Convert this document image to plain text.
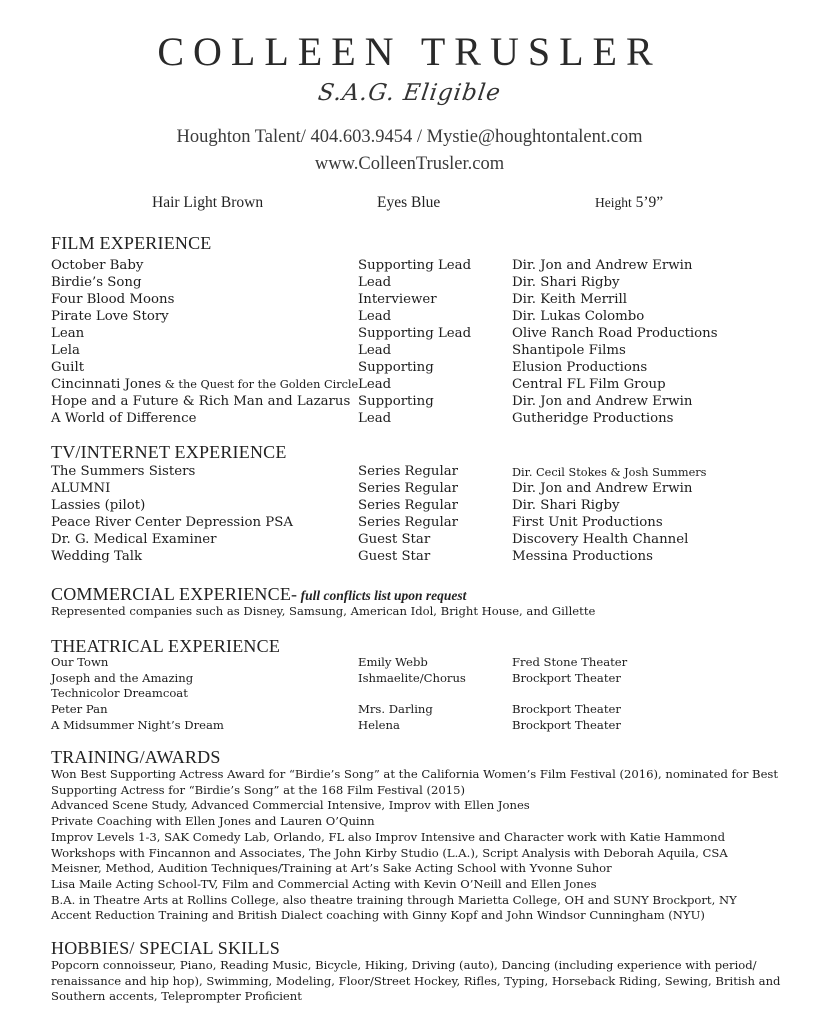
COLLEEN TRUSLER
S.A.G. Eligible
Houghton Talent/ 404.603.9454 / Mystie@houghtontalent.com
www.ColleenTrusler.com
Hair Light Brown	Eyes Blue	Height 5’9”
FILM EXPERIENCE
October Baby	Supporting Lead	Dir. Jon and Andrew Erwin
Birdie’s Song	Lead	Dir. Shari Rigby
Four Blood Moons	Interviewer	Dir. Keith Merrill
Pirate Love Story	Lead	Dir. Lukas Colombo
Lean	Supporting Lead	Olive Ranch Road Productions
Lela	Lead	Shantipole Films
Guilt	Supporting	Elusion Productions
Cincinnati Jones & the Quest for the Golden Circle Lead	Central FL Film Group
Hope and a Future & Rich Man and Lazarus Supporting	Dir. Jon and Andrew Erwin
A World of Difference	Lead	Gutheridge Productions
TV/INTERNET EXPERIENCE
The Summers Sisters	Series Regular	Dir. Cecil Stokes & Josh Summers
ALUMNI	Series Regular	Dir. Jon and Andrew Erwin
Lassies (pilot)	Series Regular	Dir. Shari Rigby
Peace River Center Depression PSA	Series Regular	First Unit Productions
Dr. G. Medical Examiner	Guest Star	Discovery Health Channel
Wedding Talk	Guest Star	Messina Productions
COMMERCIAL EXPERIENCE- full conflicts list upon request
Represented companies such as Disney, Samsung, American Idol, Bright House, and Gillette
THEATRICAL EXPERIENCE
Our Town	Emily Webb	Fred Stone Theater
Joseph and the Amazing	Ishmaelite/Chorus	Brockport Theater
Technicolor Dreamcoat
Peter Pan	Mrs. Darling	Brockport Theater
A Midsummer Night’s Dream	Helena	Brockport Theater
TRAINING/AWARDS
Won Best Supporting Actress Award for “Birdie’s Song” at the California Women’s Film Festival (2016), nominated for Best
Supporting Actress for “Birdie’s Song” at the 168 Film Festival (2015)
Advanced Scene Study, Advanced Commercial Intensive, Improv with Ellen Jones
Private Coaching with Ellen Jones and Lauren O’Quinn
Improv Levels 1-3, SAK Comedy Lab, Orlando, FL also Improv Intensive and Character work with Katie Hammond
Workshops with Fincannon and Associates, The John Kirby Studio (L.A.), Script Analysis with Deborah Aquila, CSA
Meisner, Method, Audition Techniques/Training at Art’s Sake Acting School with Yvonne Suhor
Lisa Maile Acting School-TV, Film and Commercial Acting with Kevin O’Neill and Ellen Jones
B.A. in Theatre Arts at Rollins College, also theatre training through Marietta College, OH and SUNY Brockport, NY
Accent Reduction Training and British Dialect coaching with Ginny Kopf and John Windsor Cunningham (NYU)
HOBBIES/ SPECIAL SKILLS
Popcorn connoisseur, Piano, Reading Music, Bicycle, Hiking, Driving (auto), Dancing (including experience with period/
renaissance and hip hop), Swimming, Modeling, Floor/Street Hockey, Rifles, Typing, Horseback Riding, Sewing, British and
Southern accents, Teleprompter Proficient
